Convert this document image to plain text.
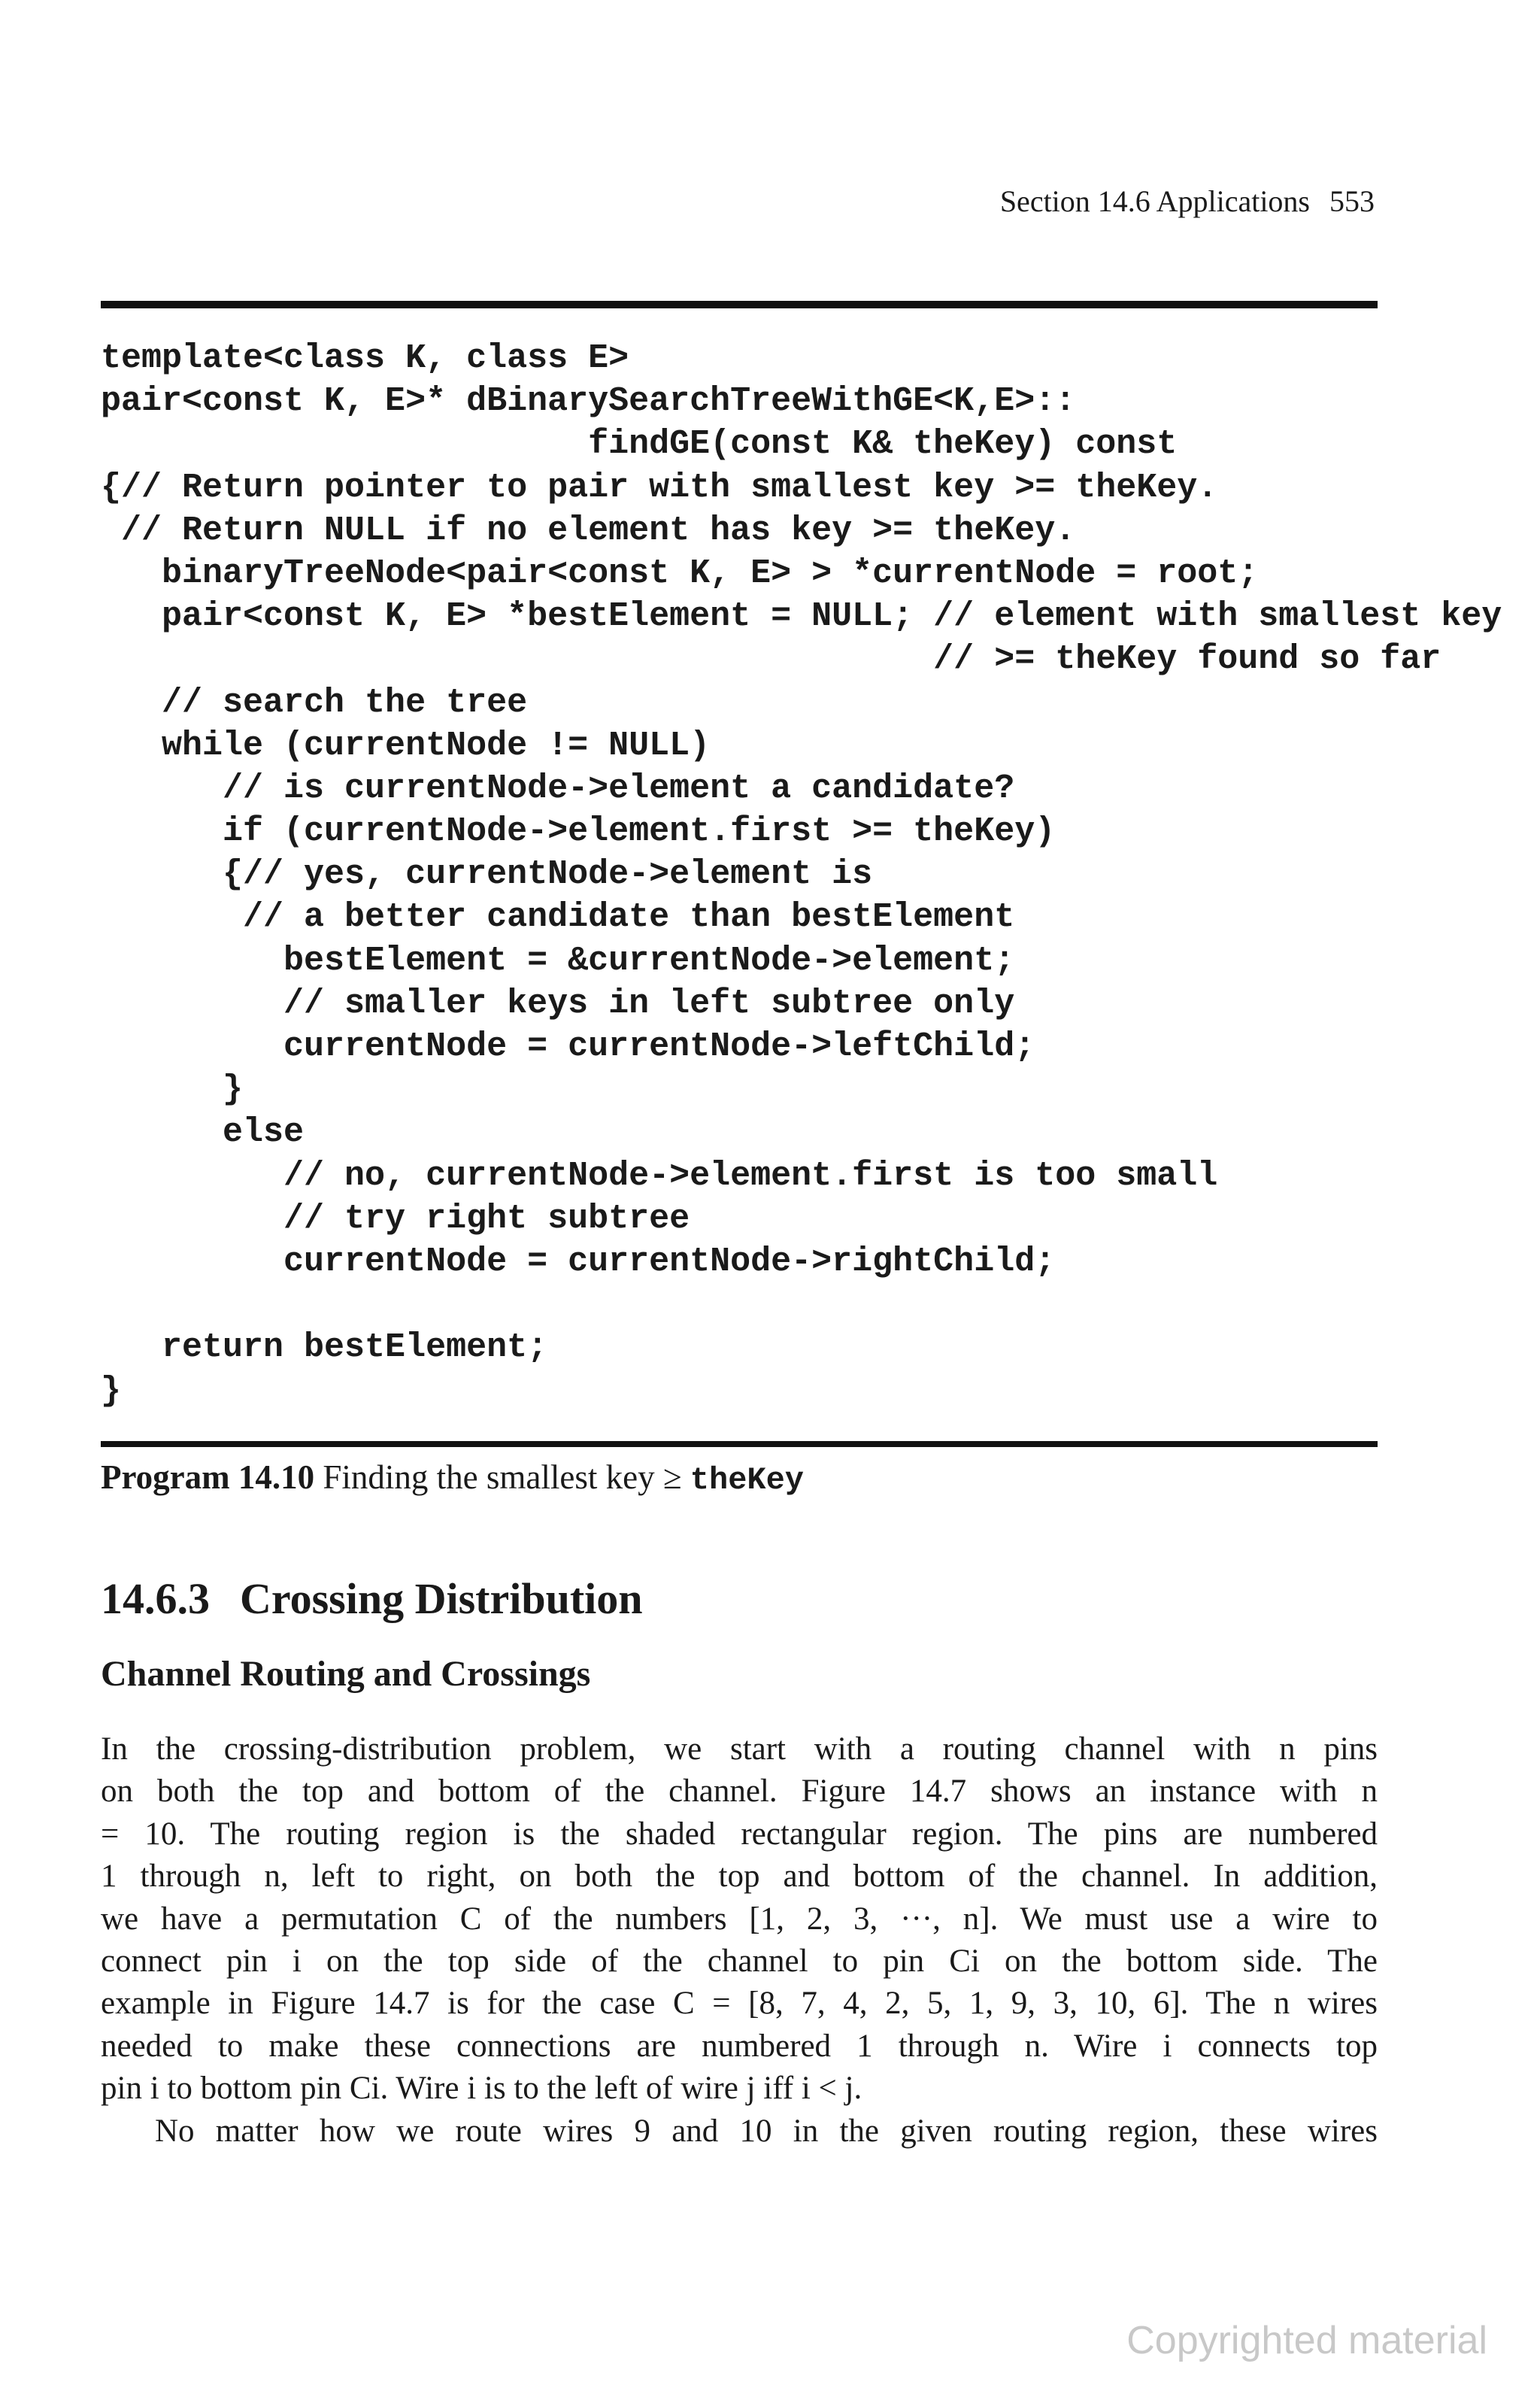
Section 14.6 Applications 553
template<class K, class E>
pair<const K, E>* dBinarySearchTreeWithGE<K,E>::
findGE(const K& theKey) const
{// Return pointer to pair with smallest key >= theKey.
// Return NULL if no element has key >= theKey.
binaryTreeNode<pair<const K, E> > *currentNode = root;
pair<const K, E> *bestElement = NULL; // element with smallest key
// >= theKey found so far
// search the tree
while (currentNode != NULL)
// is currentNode->element a candidate?
if (currentNode->element.first >= theKey)
{// yes, currentNode->element is
// a better candidate than bestElement
bestElement = &currentNode->element;
// smaller keys in left subtree only
currentNode = currentNode->leftChild;
}
else
// no, currentNode->element.first is too small
// try right subtree
currentNode = currentNode->rightChild;
return bestElement;
}
Program 14.10 Finding the smallest key ≥ theKey
14.6.3 Crossing Distribution
Channel Routing and Crossings
In the crossing-distribution problem, we start with a routing channel with n pins
on both the top and bottom of the channel. Figure 14.7 shows an instance with n
= 10. The routing region is the shaded rectangular region. The pins are numbered
1 through n, left to right, on both the top and bottom of the channel. In addition,
we have a permutation C of the numbers [1, 2, 3, ···, n]. We must use a wire to
connect pin i on the top side of the channel to pin Ci on the bottom side. The
example in Figure 14.7 is for the case C = [8, 7, 4, 2, 5, 1, 9, 3, 10, 6]. The n wires
needed to make these connections are numbered 1 through n. Wire i connects top
pin i to bottom pin Ci. Wire i is to the left of wire j iff i < j.
No matter how we route wires 9 and 10 in the given routing region, these wires
Copyrighted material
